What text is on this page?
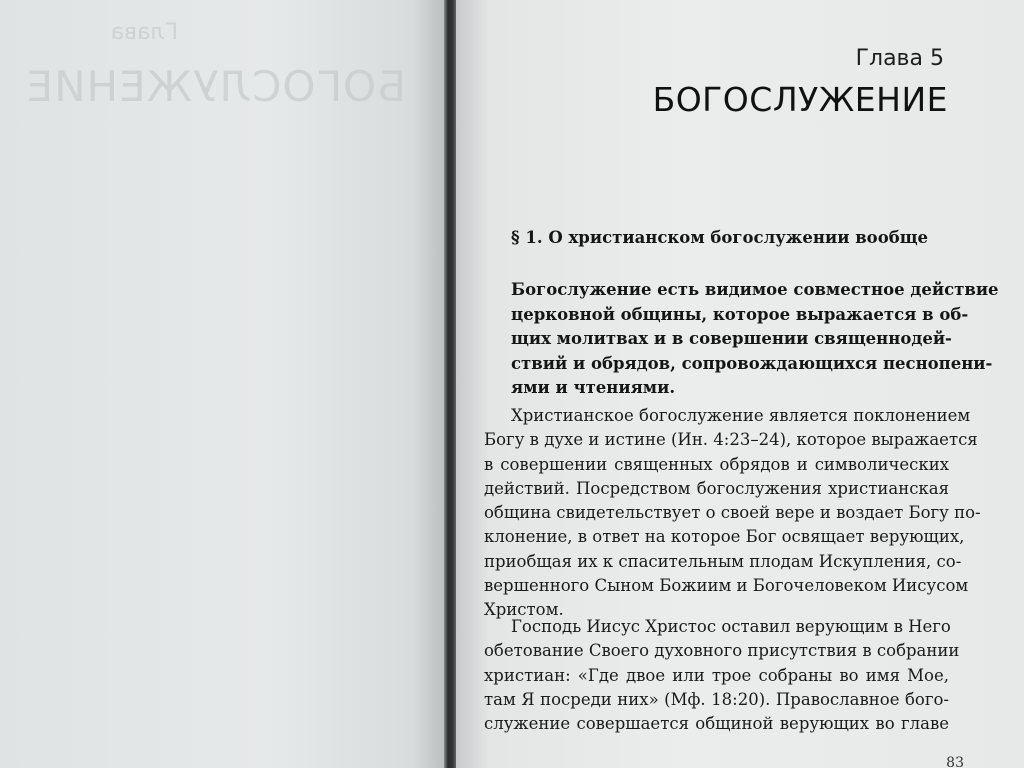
Глава
БОГОСЛУЖЕНИЕ
Глава 5
БОГОСЛУЖЕНИЕ
§ 1. О христианском богослужении вообще
Богослужение есть видимое совместное действие
церковной общины, которое выражается в об-
щих молитвах и в совершении священнодей-
ствий и обрядов, сопровождающихся песнопени-
ями и чтениями.
Христианское богослужение является поклонением
Богу в духе и истине (Ин. 4:23–24), которое выражается
в совершении священных обрядов и символических
действий. Посредством богослужения христианская
община свидетельствует о своей вере и воздает Богу по-
клонение, в ответ на которое Бог освящает верующих,
приобщая их к спасительным плодам Искупления, со-
вершенного Сыном Божиим и Богочеловеком Иисусом
Христом.
Господь Иисус Христос оставил верующим в Него
обетование Своего духовного присутствия в собрании
христиан: «Где двое или трое собраны во имя Мое,
там Я посреди них» (Мф. 18:20). Православное бого-
служение совершается общиной верующих во главе
83
